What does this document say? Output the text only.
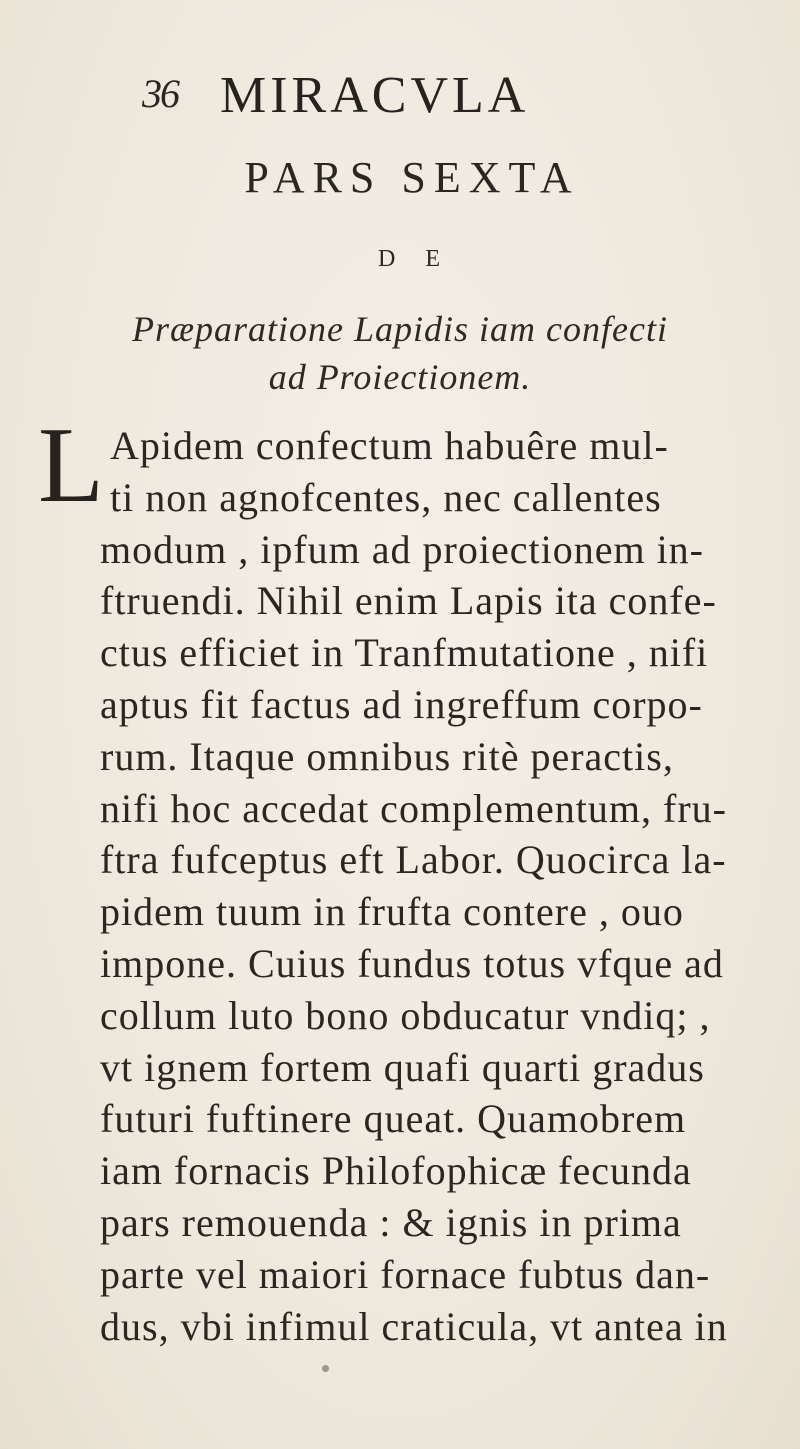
36 MIRACVLA
PARS SEXTA
D E
Præparatione Lapidis iam confecti
ad Proiectionem.
L Apidem confectum habuêre mul-
ti non agnofcentes, nec callentes
modum , ipfum ad proiectionem in-
ftruendi. Nihil enim Lapis ita confe-
ctus efficiet in Tranfmutatione , nifi
aptus fit factus ad ingreffum corpo-
rum. Itaque omnibus ritè peractis,
nifi hoc accedat complementum, fru-
ftra fufceptus eft Labor. Quocirca la-
pidem tuum in frufta contere , ouo
impone. Cuius fundus totus vfque ad
collum luto bono obducatur vndiq; ,
vt ignem fortem quafi quarti gradus
futuri fuftinere queat. Quamobrem
iam fornacis Philofophicæ fecunda
pars remouenda : & ignis in prima
parte vel maiori fornace fubtus dan-
dus, vbi infimul craticula, vt antea in
